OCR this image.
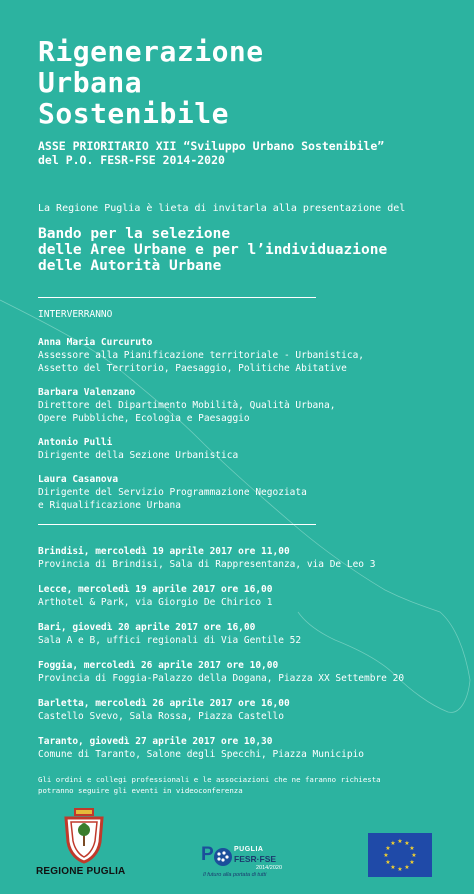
Rigenerazione
Urbana
Sostenibile
ASSE PRIORITARIO XII “Sviluppo Urbano Sostenibile”
del P.O. FESR-FSE 2014-2020
La Regione Puglia è lieta di invitarla alla presentazione del
Bando per la selezione
delle Aree Urbane e per l’individuazione
delle Autorità Urbane
INTERVERRANNO
Anna Maria Curcuruto
Assessore alla Pianificazione territoriale - Urbanistica,
Assetto del Territorio, Paesaggio, Politiche Abitative
Barbara Valenzano
Direttore del Dipartimento Mobilità, Qualità Urbana,
Opere Pubbliche, Ecologia e Paesaggio
Antonio Pulli
Dirigente della Sezione Urbanistica
Laura Casanova
Dirigente del Servizio Programmazione Negoziata
e Riqualificazione Urbana
Brindisi, mercoledì 19 aprile 2017 ore 11,00
Provincia di Brindisi, Sala di Rappresentanza, via De Leo 3
Lecce, mercoledì 19 aprile 2017 ore 16,00
Arthotel & Park, via Giorgio De Chirico 1
Bari, giovedì 20 aprile 2017 ore 16,00
Sala A e B, uffici regionali di Via Gentile 52
Foggia, mercoledì 26 aprile 2017 ore 10,00
Provincia di Foggia-Palazzo della Dogana, Piazza XX Settembre 20
Barletta, mercoledì 26 aprile 2017 ore 16,00
Castello Svevo, Sala Rossa, Piazza Castello
Taranto, giovedì 27 aprile 2017 ore 10,30
Comune di Taranto, Salone degli Specchi, Piazza Municipio
Gli ordini e collegi professionali e le associazioni che ne faranno richiesta
potranno seguire gli eventi in videoconferenza
REGIONE PUGLIA
P	PUGLIA
FESR·FSE
2014/2020
Il futuro alla portata di tutti
★ ★
★
★
★
★
★
★
★
★
★
★
